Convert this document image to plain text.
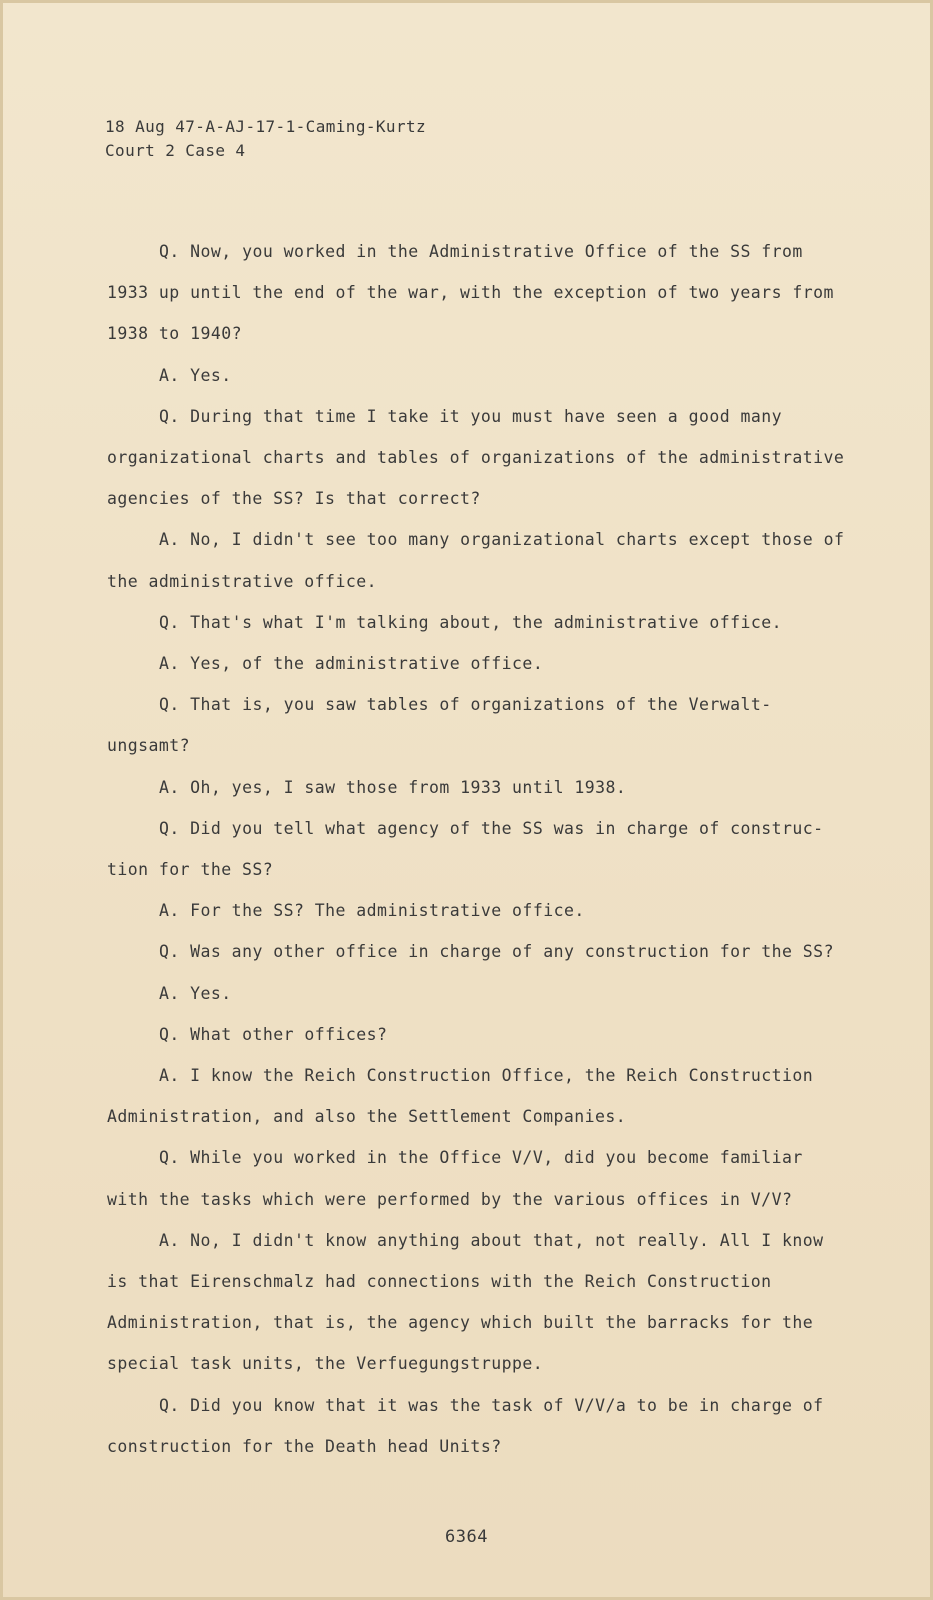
18 Aug 47-A-AJ-17-1-Caming-Kurtz
Court 2 Case 4

Q. Now, you worked in the Administrative Office of the SS from 1933 up until the end of the war, with the exception of two years from 1938 to 1940?

A. Yes.

Q. During that time I take it you must have seen a good many organizational charts and tables of organizations of the administrative agencies of the SS? Is that correct?

A. No, I didn't see too many organizational charts except those of the administrative office.

Q. That's what I'm talking about, the administrative office.

A. Yes, of the administrative office.

Q. That is, you saw tables of organizations of the Verwalt-ungsamt?

A. Oh, yes, I saw those from 1933 until 1938.

Q. Did you tell what agency of the SS was in charge of construc-tion for the SS?

A. For the SS? The administrative office.

Q. Was any other office in charge of any construction for the SS?

A. Yes.

Q. What other offices?

A. I know the Reich Construction Office, the Reich Construction Administration, and also the Settlement Companies.

Q. While you worked in the Office V/V, did you become familiar with the tasks which were performed by the various offices in V/V?

A. No, I didn't know anything about that, not really. All I know is that Eirenschmalz had connections with the Reich Construction Administration, that is, the agency which built the barracks for the special task units, the Verfuegungstruppe.

Q. Did you know that it was the task of V/V/a to be in charge of construction for the Death head Units?

6364
